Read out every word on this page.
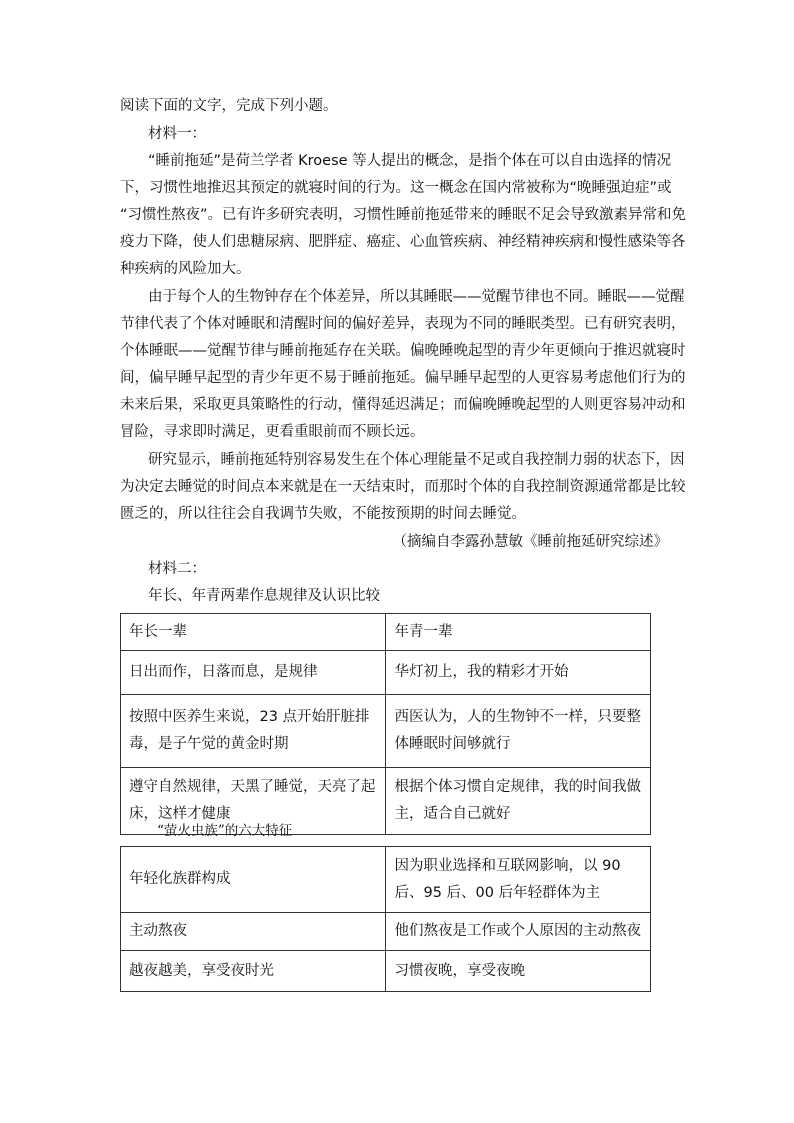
阅读下面的文字，完成下列小题。
材料一：
“睡前拖延”是荷兰学者 Kroese 等人提出的概念，是指个体在可以自由选择的情况
下，习惯性地推迟其预定的就寝时间的行为。这一概念在国内常被称为“晚睡强迫症”或
“习惯性熬夜”。已有许多研究表明，习惯性睡前拖延带来的睡眠不足会导致激素异常和免
疫力下降，使人们患糖尿病、肥胖症、癌症、心血管疾病、神经精神疾病和慢性感染等各
种疾病的风险加大。
由于每个人的生物钟存在个体差异，所以其睡眠——觉醒节律也不同。睡眠——觉醒
节律代表了个体对睡眠和清醒时间的偏好差异，表现为不同的睡眠类型。已有研究表明，
个体睡眠——觉醒节律与睡前拖延存在关联。偏晚睡晚起型的青少年更倾向于推迟就寝时
间，偏早睡早起型的青少年更不易于睡前拖延。偏早睡早起型的人更容易考虑他们行为的
未来后果，采取更具策略性的行动，懂得延迟满足；而偏晚睡晚起型的人则更容易冲动和
冒险，寻求即时满足，更看重眼前而不顾长远。
研究显示，睡前拖延特别容易发生在个体心理能量不足或自我控制力弱的状态下，因
为决定去睡觉的时间点本来就是在一天结束时，而那时个体的自我控制资源通常都是比较
匮乏的，所以往往会自我调节失败，不能按预期的时间去睡觉。
（摘编自李露孙慧敏《睡前拖延研究综述》
材料二：
年长、年青两辈作息规律及认识比较
年长一辈	年青一辈
日出而作，日落而息，是规律	华灯初上，我的精彩才开始
按照中医养生来说，23 点开始肝脏排毒，是子午觉的黄金时期	西医认为，人的生物钟不一样，只要整体睡眠时间够就行
遵守自然规律，天黑了睡觉，天亮了起床，这样才健康	根据个体习惯自定规律，我的时间我做主，适合自己就好
“萤火虫族”的六大特征
年轻化族群构成	因为职业选择和互联网影响，以 90 后、95 后、00 后年轻群体为主
主动熬夜	他们熬夜是工作或个人原因的主动熬夜
越夜越美，享受夜时光	习惯夜晚，享受夜晚
